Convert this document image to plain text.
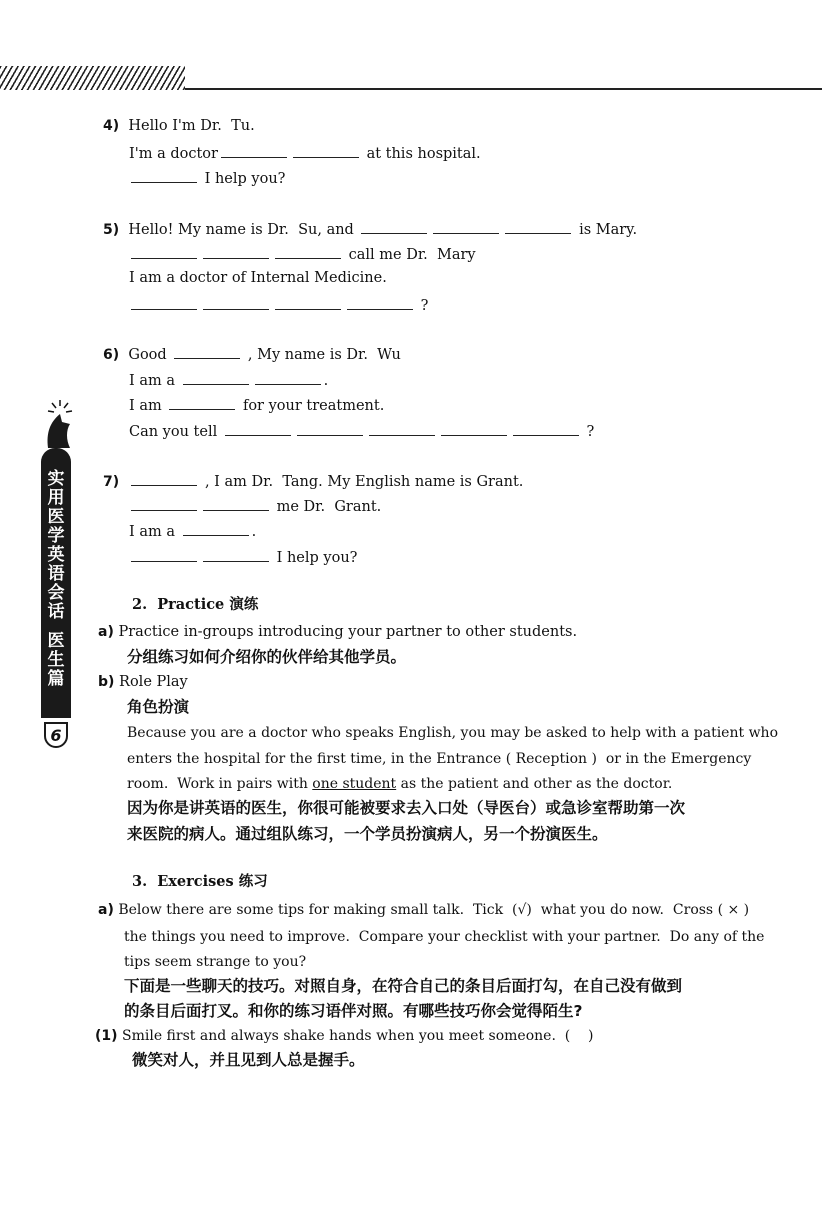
实
用
医
学
英
语
会
话
医
生
篇
6
4) Hello I'm Dr.  Tu.
I'm a doctor	at this hospital.
I help you?
5) Hello! My name is Dr.  Su, and	is Mary.
call me Dr.  Mary
I am a doctor of Internal Medicine.
?
6) Good	, My name is Dr.  Wu
I am a	.
I am	for your treatment.
Can you tell	?
7)	, I am Dr.  Tang. My English name is Grant.
me Dr.  Grant.
I am a	.
I help you?
2.  Practice 演练
a) Practice in-groups introducing your partner to other students.
分组练习如何介绍你的伙伴给其他学员。
b) Role Play
角色扮演
Because you are a doctor who speaks English, you may be asked to help with a patient who
enters the hospital for the first time, in the Entrance ( Reception )  or in the Emergency
room.  Work in pairs with one student as the patient and other as the doctor.
因为你是讲英语的医生，你很可能被要求去入口处（导医台）或急诊室帮助第一次
来医院的病人。通过组队练习，一个学员扮演病人，另一个扮演医生。
3.  Exercises 练习
a) Below there are some tips for making small talk.  Tick  (√)  what you do now.  Cross ( × )
the things you need to improve.  Compare your checklist with your partner.  Do any of the
tips seem strange to you?
下面是一些聊天的技巧。对照自身，在符合自己的条目后面打勾，在自己没有做到
的条目后面打叉。和你的练习语伴对照。有哪些技巧你会觉得陌生?
(1) Smile first and always shake hands when you meet someone.  (    )
微笑对人，并且见到人总是握手。
